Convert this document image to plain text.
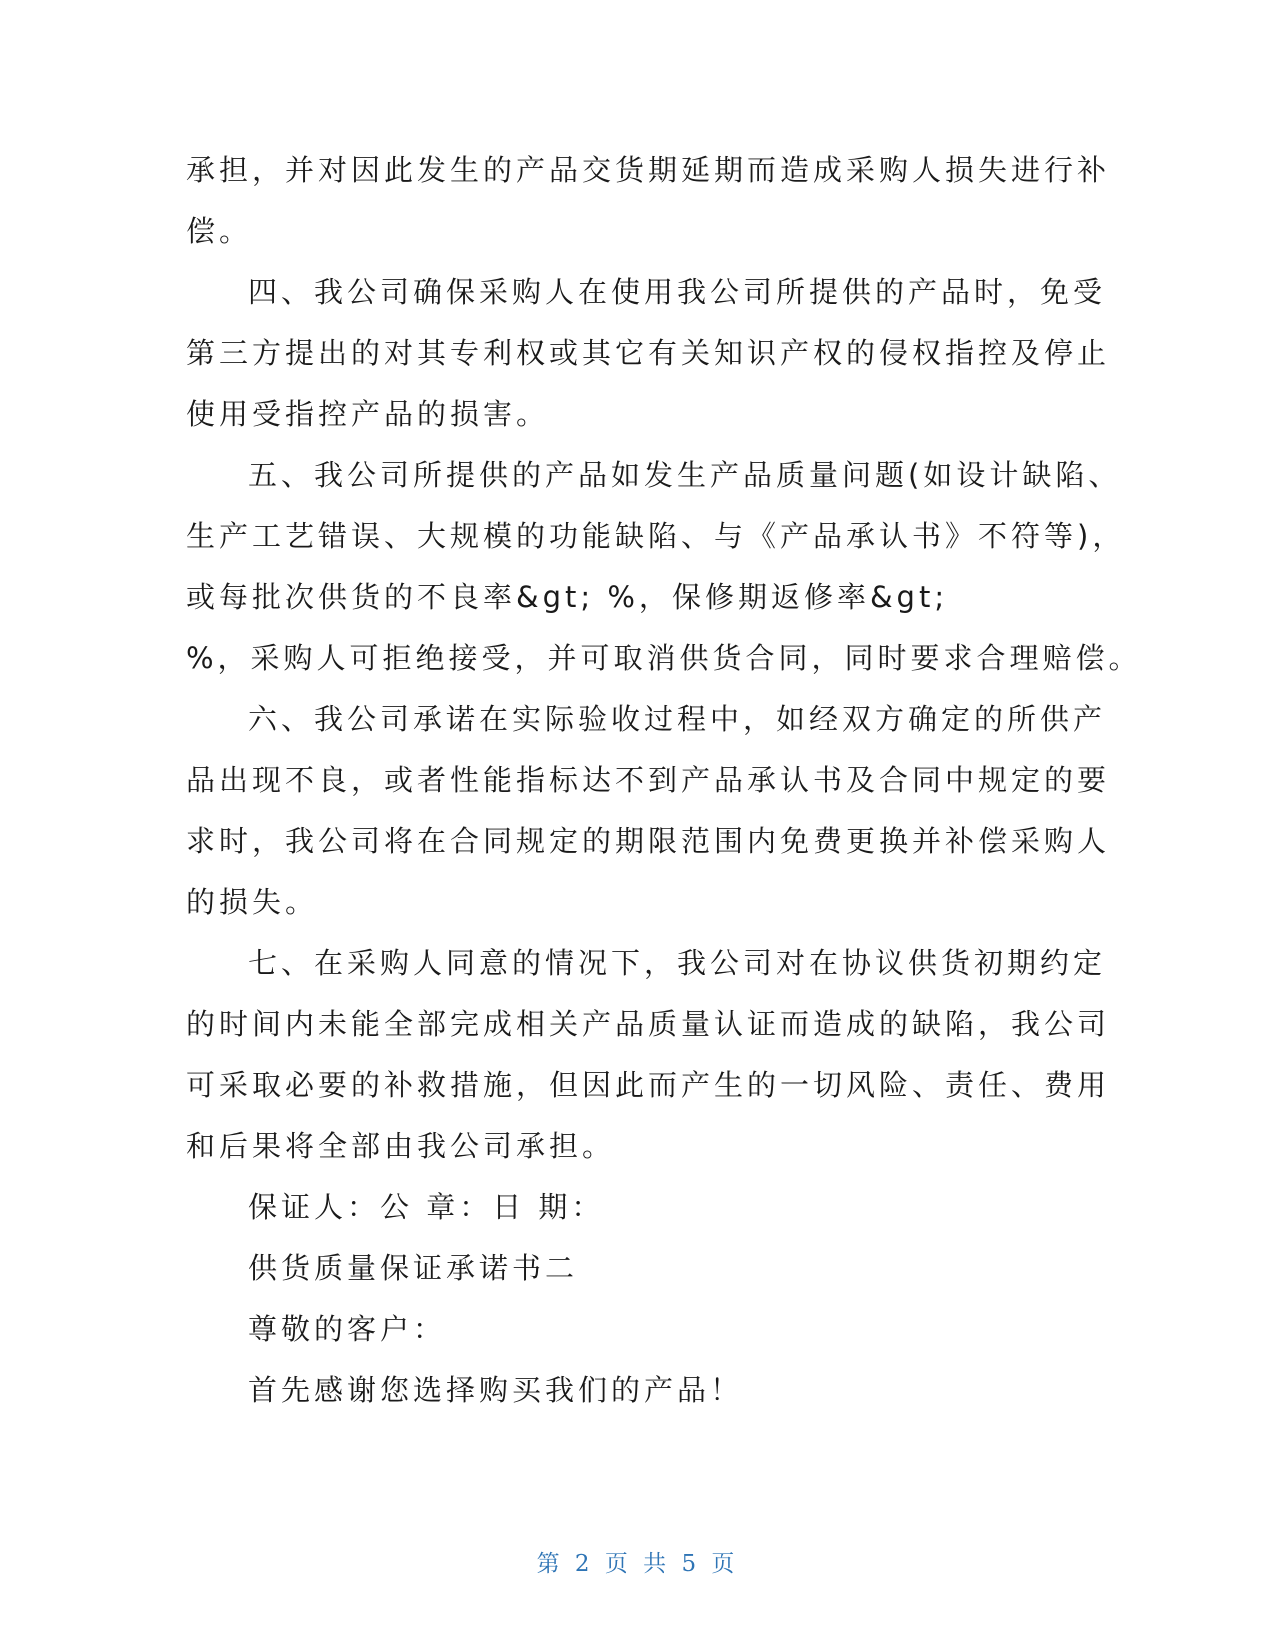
承担，并对因此发生的产品交货期延期而造成采购人损失进行补
偿。
四、我公司确保采购人在使用我公司所提供的产品时，免受
第三方提出的对其专利权或其它有关知识产权的侵权指控及停止
使用受指控产品的损害。
五、我公司所提供的产品如发生产品质量问题(如设计缺陷、
生产工艺错误、大规模的功能缺陷、与《产品承认书》不符等)，
或每批次供货的不良率&gt; %，保修期返修率&gt;
%，采购人可拒绝接受，并可取消供货合同，同时要求合理赔偿。
六、我公司承诺在实际验收过程中，如经双方确定的所供产
品出现不良，或者性能指标达不到产品承认书及合同中规定的要
求时，我公司将在合同规定的期限范围内免费更换并补偿采购人
的损失。
七、在采购人同意的情况下，我公司对在协议供货初期约定
的时间内未能全部完成相关产品质量认证而造成的缺陷，我公司
可采取必要的补救措施，但因此而产生的一切风险、责任、费用
和后果将全部由我公司承担。
保证人：公 章：日 期：
供货质量保证承诺书二
尊敬的客户：
首先感谢您选择购买我们的产品！
第 2 页 共 5 页
